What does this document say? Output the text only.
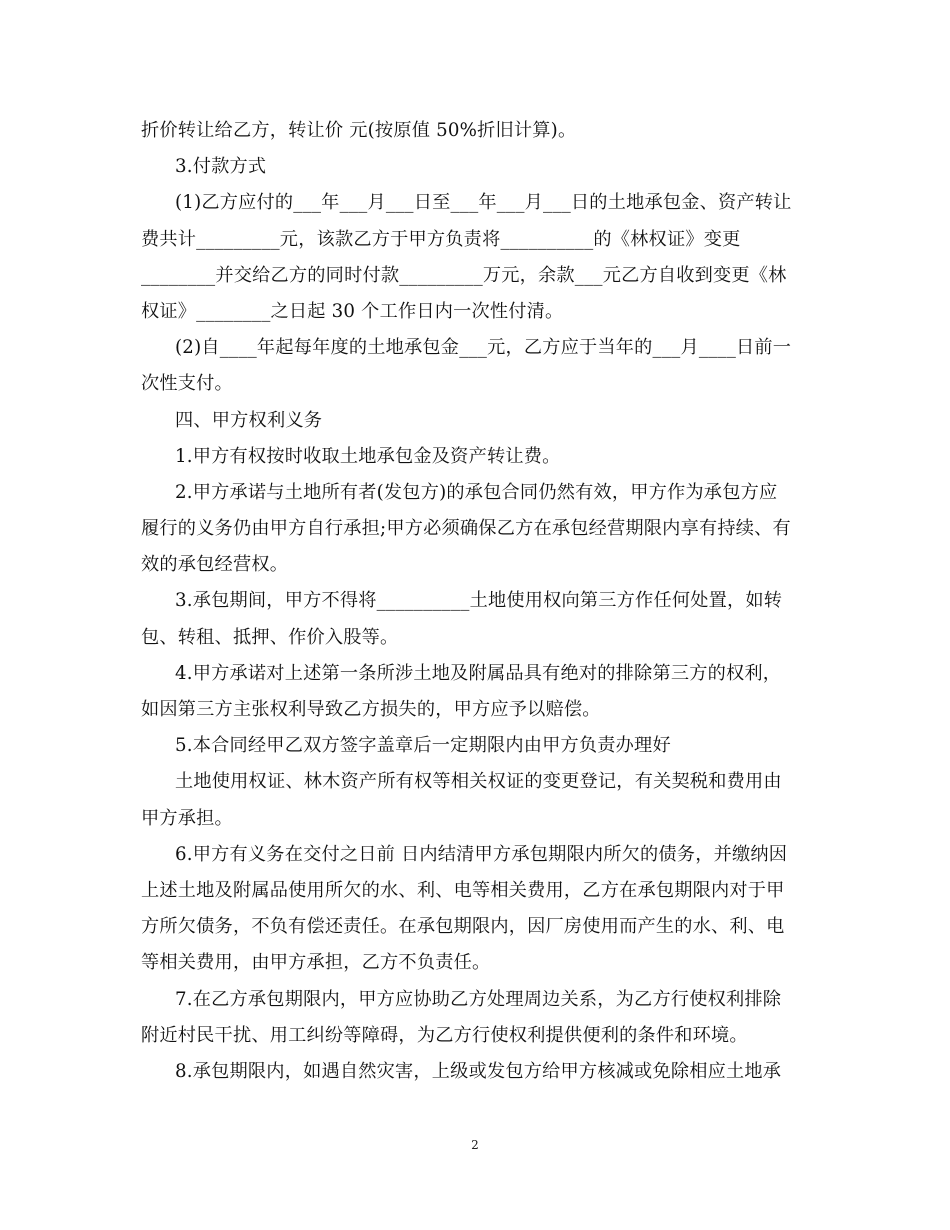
折价转让给乙方，转让价 元(按原值 50%折旧计算)。
3.付款方式
(1)乙方应付的___年___月___日至___年___月___日的土地承包金、资产转让
费共计_________元，该款乙方于甲方负责将__________的《林权证》变更
________并交给乙方的同时付款_________万元，余款___元乙方自收到变更《林
权证》________之日起 30 个工作日内一次性付清。
(2)自____年起每年度的土地承包金___元，乙方应于当年的___月____日前一
次性支付。
四、甲方权利义务
1.甲方有权按时收取土地承包金及资产转让费。
2.甲方承诺与土地所有者(发包方)的承包合同仍然有效，甲方作为承包方应
履行的义务仍由甲方自行承担;甲方必须确保乙方在承包经营期限内享有持续、有
效的承包经营权。
3.承包期间，甲方不得将__________土地使用权向第三方作任何处置，如转
包、转租、抵押、作价入股等。
4.甲方承诺对上述第一条所涉土地及附属品具有绝对的排除第三方的权利，
如因第三方主张权利导致乙方损失的，甲方应予以赔偿。
5.本合同经甲乙双方签字盖章后一定期限内由甲方负责办理好
土地使用权证、林木资产所有权等相关权证的变更登记，有关契税和费用由
甲方承担。
6.甲方有义务在交付之日前 日内结清甲方承包期限内所欠的债务，并缴纳因
上述土地及附属品使用所欠的水、利、电等相关费用，乙方在承包期限内对于甲
方所欠债务，不负有偿还责任。在承包期限内，因厂房使用而产生的水、利、电
等相关费用，由甲方承担，乙方不负责任。
7.在乙方承包期限内，甲方应协助乙方处理周边关系，为乙方行使权利排除
附近村民干扰、用工纠纷等障碍，为乙方行使权利提供便利的条件和环境。
8.承包期限内，如遇自然灾害，上级或发包方给甲方核减或免除相应土地承
2
